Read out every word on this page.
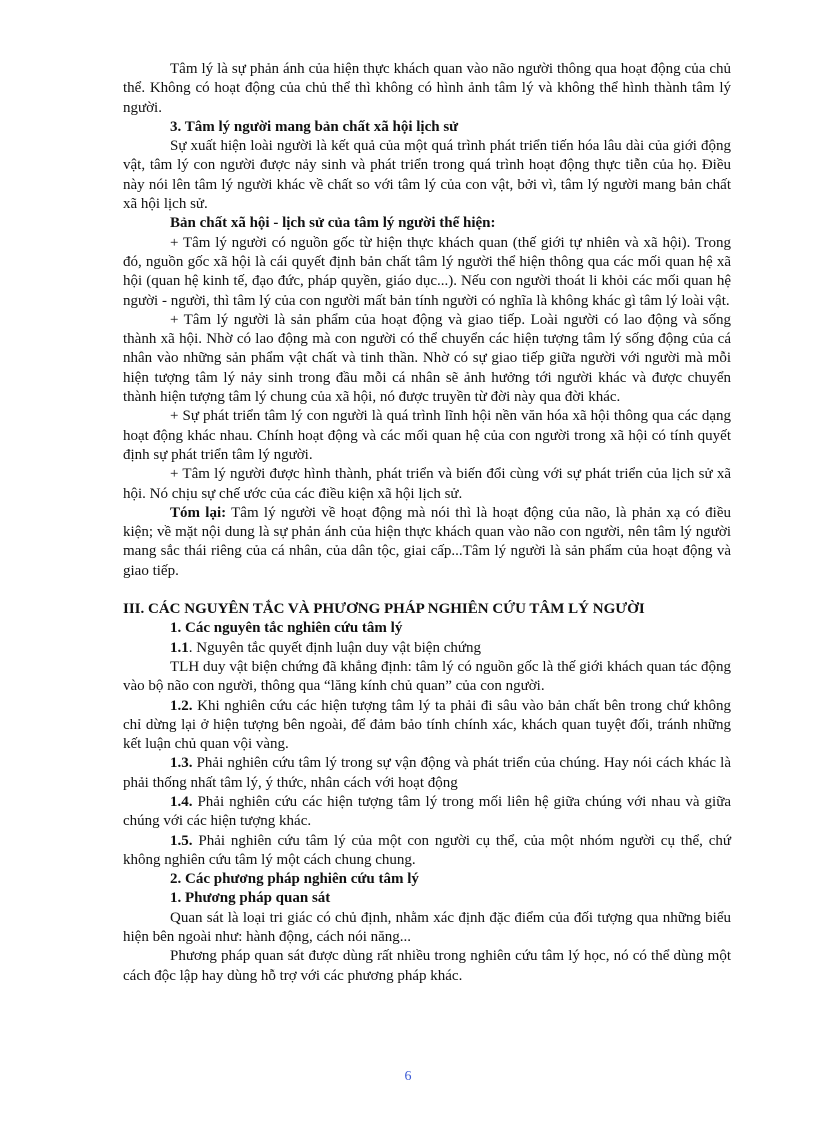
Tâm lý là sự phản ánh của hiện thực khách quan vào não người thông qua hoạt động của chủ thể. Không có hoạt động của chủ thể thì không có hình ảnh tâm lý và không thể hình thành tâm lý người.

3. Tâm lý người mang bản chất xã hội lịch sử

Sự xuất hiện loài người là kết quả của một quá trình phát triển tiến hóa lâu dài của giới động vật, tâm lý con người được nảy sinh và phát triển trong quá trình hoạt động thực tiễn của họ. Điều này nói lên tâm lý người khác về chất so với tâm lý của con vật, bởi vì, tâm lý người mang bản chất xã hội lịch sử.

Bản chất xã hội - lịch sử của tâm lý người thể hiện:

+ Tâm lý người có nguồn gốc từ hiện thực khách quan (thế giới tự nhiên và xã hội). Trong đó, nguồn gốc xã hội là cái quyết định bản chất tâm lý người thể hiện thông qua các mối quan hệ xã hội (quan hệ kinh tế, đạo đức, pháp quyền, giáo dục...). Nếu con người thoát li khỏi các mối quan hệ người - người, thì tâm lý của con người mất bản tính người có nghĩa là không khác gì tâm lý loài vật.

+ Tâm lý người là sản phẩm của hoạt động và giao tiếp. Loài người có lao động và sống thành xã hội. Nhờ có lao động mà con người có thể chuyển các hiện tượng tâm lý sống động của cá nhân vào những sản phẩm vật chất và tinh thần. Nhờ có sự giao tiếp giữa người với người mà mỗi hiện tượng tâm lý nảy sinh trong đầu mỗi cá nhân sẽ ảnh hưởng tới người khác và được chuyển thành hiện tượng tâm lý chung của xã hội, nó được truyền từ đời này qua đời khác.

+ Sự phát triển tâm lý con người là quá trình lĩnh hội nền văn hóa xã hội thông qua các dạng hoạt động khác nhau. Chính hoạt động và các mối quan hệ của con người trong xã hội có tính quyết định sự phát triển tâm lý người.

+ Tâm lý người được hình thành, phát triển và biến đổi cùng với sự phát triển của lịch sử xã hội. Nó chịu sự chế ước của các điều kiện xã hội lịch sử.

Tóm lại: Tâm lý người về hoạt động mà nói thì là hoạt động của não, là phản xạ có điều kiện; về mặt nội dung là sự phản ánh của hiện thực khách quan vào não con người, nên tâm lý người mang sắc thái riêng của cá nhân, của dân tộc, giai cấp...Tâm lý người là sản phẩm của hoạt động và giao tiếp.

III. CÁC NGUYÊN TẮC VÀ PHƯƠNG PHÁP NGHIÊN CỨU TÂM LÝ NGƯỜI

1. Các nguyên tắc nghiên cứu tâm lý

1.1. Nguyên tắc quyết định luận duy vật biện chứng

TLH duy vật biện chứng đã khẳng định: tâm lý có nguồn gốc là thế giới khách quan tác động vào bộ não con người, thông qua “lăng kính chủ quan” của con người.

1.2. Khi nghiên cứu các hiện tượng tâm lý ta phải đi sâu vào bản chất bên trong chứ không chỉ dừng lại ở hiện tượng bên ngoài, để đảm bảo tính chính xác, khách quan tuyệt đối, tránh những kết luận chủ quan vội vàng.

1.3. Phải nghiên cứu tâm lý trong sự vận động và phát triển của chúng. Hay nói cách khác là phải thống nhất tâm lý, ý thức, nhân cách với hoạt động

1.4. Phải nghiên cứu các hiện tượng tâm lý trong mối liên hệ giữa chúng với nhau và giữa chúng với các hiện tượng khác.

1.5. Phải nghiên cứu tâm lý của một con người cụ thể, của một nhóm người cụ thể, chứ không nghiên cứu tâm lý một cách chung chung.

2. Các phương pháp nghiên cứu tâm lý

1. Phương pháp quan sát

Quan sát là loại tri giác có chủ định, nhằm xác định đặc điểm của đối tượng qua những biểu hiện bên ngoài như: hành động, cách nói năng...

Phương pháp quan sát được dùng rất nhiều trong nghiên cứu tâm lý học, nó có thể dùng một cách độc lập hay dùng hỗ trợ với các phương pháp khác.

6
